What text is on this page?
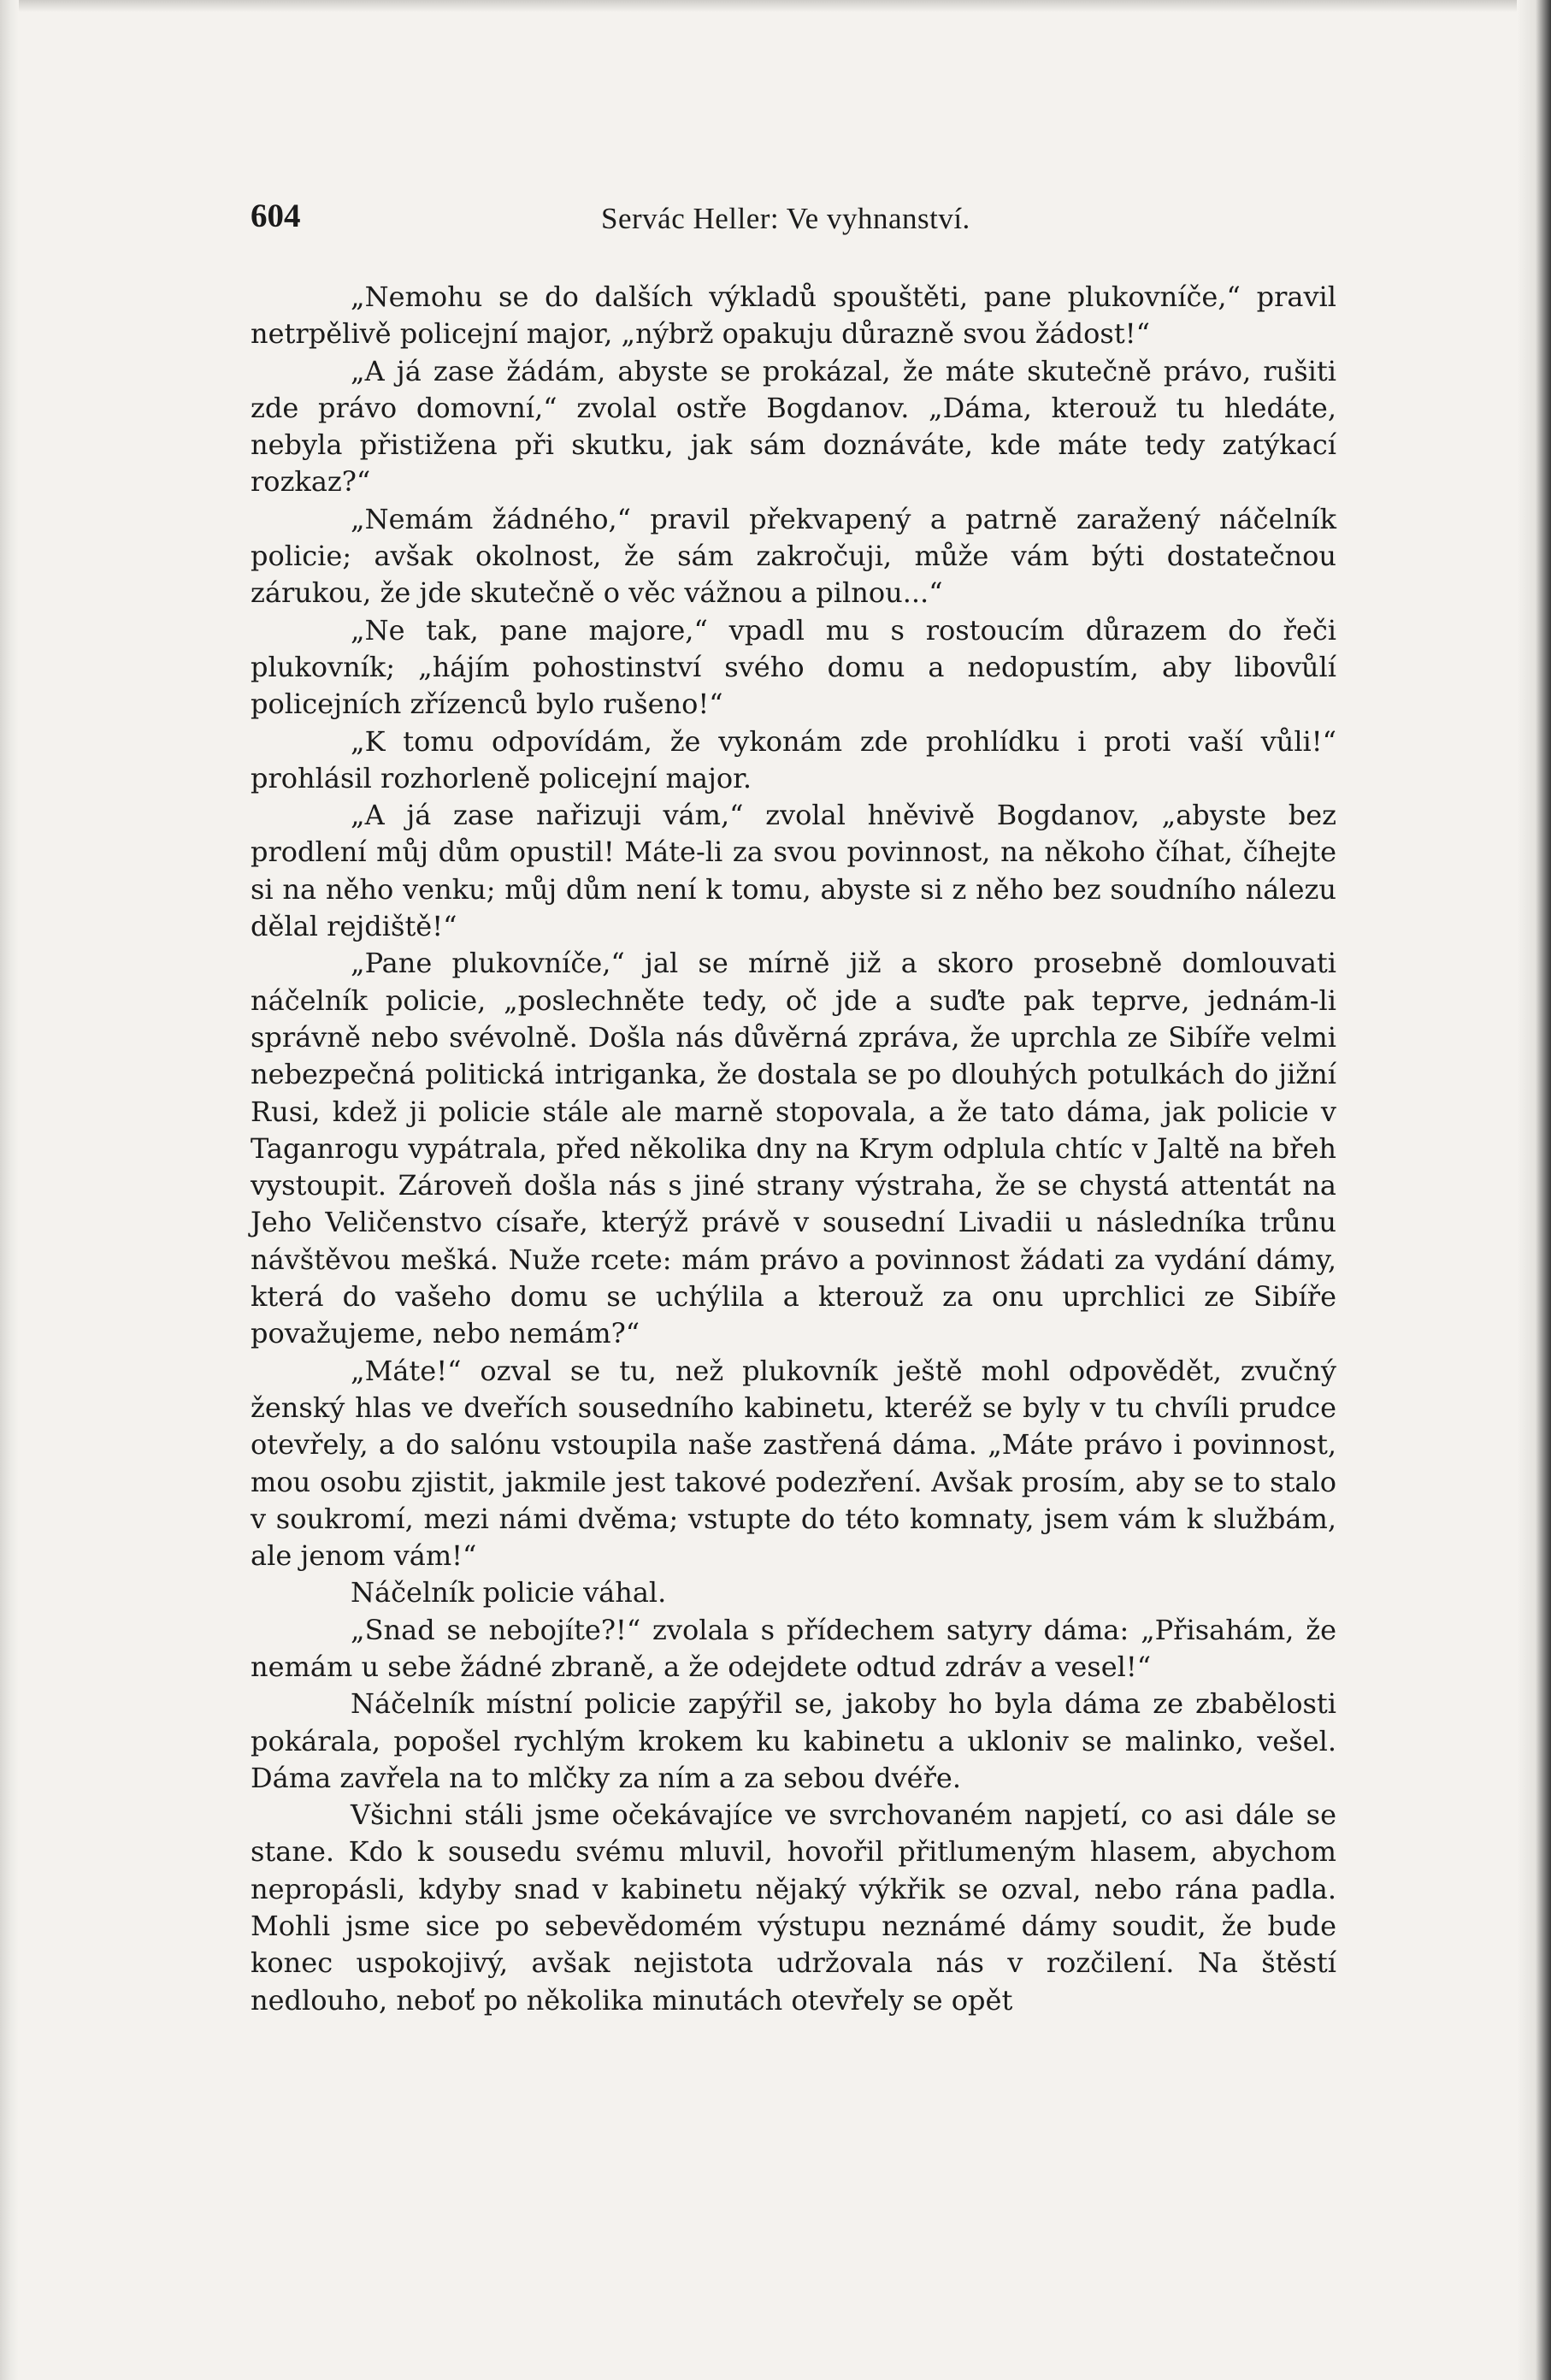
604	Servác Heller: Ve vyhnanství.

„Nemohu se do dalších výkladů spouštěti, pane plukovníče,“ pravil netrpělivě policejní major, „nýbrž opakuju důrazně svou žádost!“

„A já zase žádám, abyste se prokázal, že máte skutečně právo, rušiti zde právo domovní,“ zvolal ostře Bogdanov. „Dáma, kterouž tu hledáte, nebyla přistižena při skutku, jak sám doznáváte, kde máte tedy zatýkací rozkaz?“

„Nemám žádného,“ pravil překvapený a patrně zaražený náčelník policie; avšak okolnost, že sám zakročuji, může vám býti dostatečnou zárukou, že jde skutečně o věc vážnou a pilnou...“

„Ne tak, pane majore,“ vpadl mu s rostoucím důrazem do řeči plukovník; „hájím pohostinství svého domu a nedopustím, aby libovůlí policejních zřízenců bylo rušeno!“

„K tomu odpovídám, že vykonám zde prohlídku i proti vaší vůli!“ prohlásil rozhorleně policejní major.

„A já zase nařizuji vám,“ zvolal hněvivě Bogdanov, „abyste bez prodlení můj dům opustil! Máte-li za svou povinnost, na někoho číhat, číhejte si na něho venku; můj dům není k tomu, abyste si z něho bez soudního nálezu dělal rejdiště!“

„Pane plukovníče,“ jal se mírně již a skoro prosebně domlouvati náčelník policie, „poslechněte tedy, oč jde a suďte pak teprve, jednám-li správně nebo svévolně. Došla nás důvěrná zpráva, že uprchla ze Sibíře velmi nebezpečná politická intriganka, že dostala se po dlouhých potulkách do jižní Rusi, kdež ji policie stále ale marně stopovala, a že tato dáma, jak policie v Taganrogu vypátrala, před několika dny na Krym odplula chtíc v Jaltě na břeh vystoupit. Zároveň došla nás s jiné strany výstraha, že se chystá attentát na Jeho Veličenstvo císaře, kterýž právě v sousední Livadii u následníka trůnu návštěvou mešká. Nuže rcete: mám právo a povinnost žádati za vydání dámy, která do vašeho domu se uchýlila a kterouž za onu uprchlici ze Sibíře považujeme, nebo nemám?“

„Máte!“ ozval se tu, než plukovník ještě mohl odpovědět, zvučný ženský hlas ve dveřích sousedního kabinetu, kteréž se byly v tu chvíli prudce otevřely, a do salónu vstoupila naše zastřená dáma. „Máte právo i povinnost, mou osobu zjistit, jakmile jest takové podezření. Avšak prosím, aby se to stalo v soukromí, mezi námi dvěma; vstupte do této komnaty, jsem vám k službám, ale jenom vám!“

Náčelník policie váhal.

„Snad se nebojíte?!“ zvolala s přídechem satyry dáma: „Přisahám, že nemám u sebe žádné zbraně, a že odejdete odtud zdráv a vesel!“

Náčelník místní policie zapýřil se, jakoby ho byla dáma ze zbabělosti pokárala, popošel rychlým krokem ku kabinetu a ukloniv se malinko, vešel. Dáma zavřela na to mlčky za ním a za sebou dvéře.

Všichni stáli jsme očekávajíce ve svrchovaném napjetí, co asi dále se stane. Kdo k sousedu svému mluvil, hovořil přitlumeným hlasem, abychom nepropásli, kdyby snad v kabinetu nějaký výkřik se ozval, nebo rána padla. Mohli jsme sice po sebevědomém výstupu neznámé dámy soudit, že bude konec uspokojivý, avšak nejistota udržovala nás v rozčilení. Na štěstí nedlouho, neboť po několika minutách otevřely se opět
